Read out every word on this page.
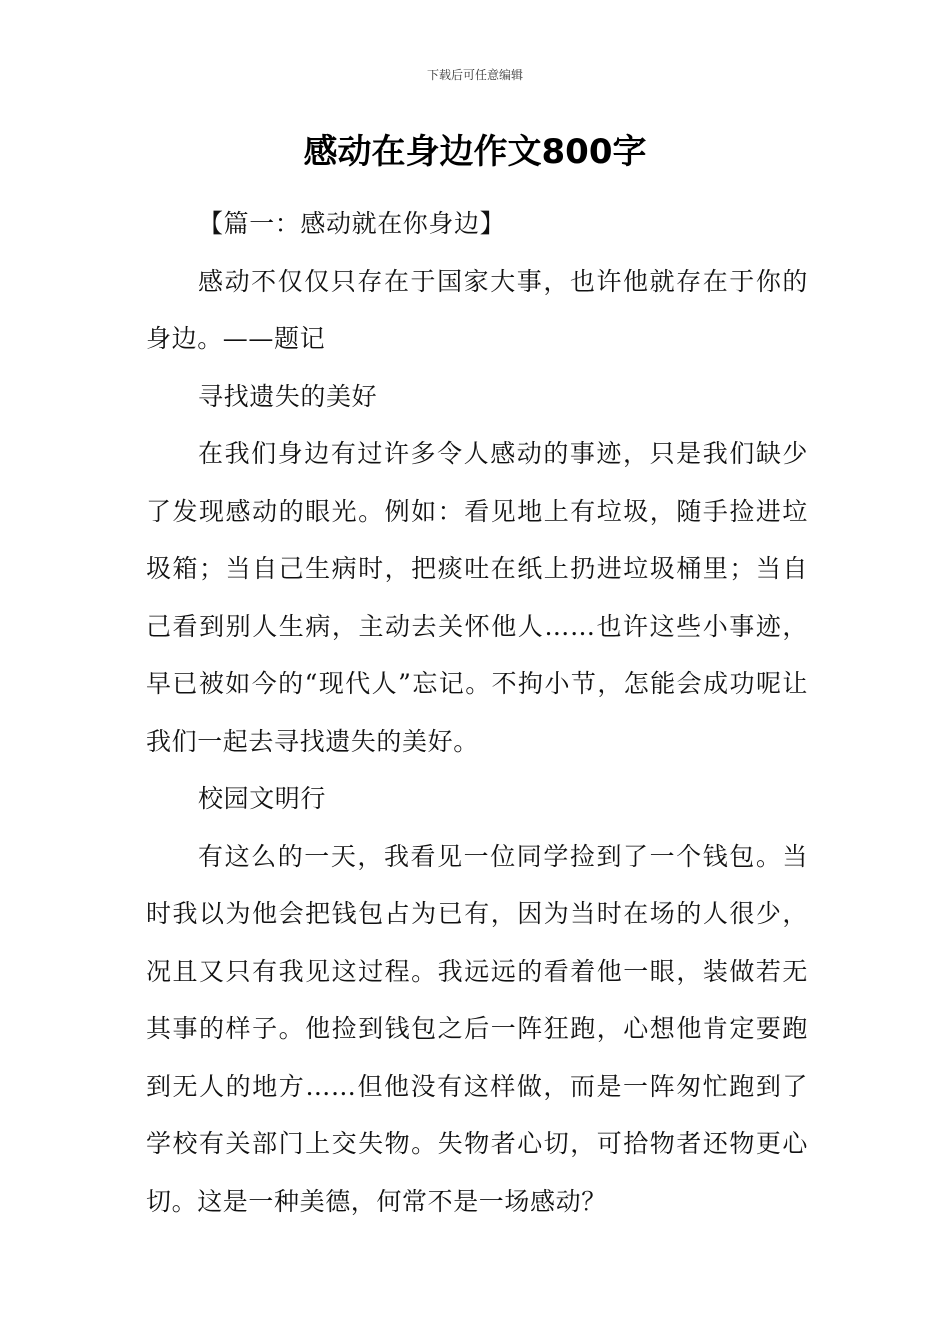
下载后可任意编辑
感动在身边作文800字

【篇一：感动就在你身边】

感动不仅仅只存在于国家大事，也许他就存在于你的身边。——题记

寻找遗失的美好

在我们身边有过许多令人感动的事迹，只是我们缺少了发现感动的眼光。例如：看见地上有垃圾，随手捡进垃圾箱；当自己生病时，把痰吐在纸上扔进垃圾桶里；当自己看到别人生病，主动去关怀他人……也许这些小事迹，早已被如今的“现代人”忘记。不拘小节，怎能会成功呢让我们一起去寻找遗失的美好。

校园文明行

有这么的一天，我看见一位同学捡到了一个钱包。当时我以为他会把钱包占为已有，因为当时在场的人很少，况且又只有我见这过程。我远远的看着他一眼，装做若无其事的样子。他捡到钱包之后一阵狂跑，心想他肯定要跑到无人的地方……但他没有这样做，而是一阵匆忙跑到了学校有关部门上交失物。失物者心切，可拾物者还物更心切。这是一种美德，何常不是一场感动？
